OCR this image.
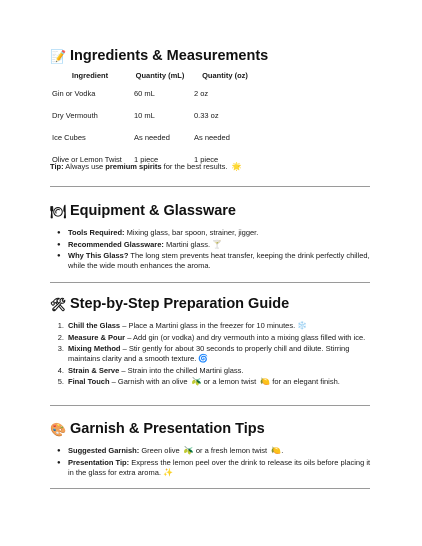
📝 Ingredients & Measurements
Ingredient	Quantity (mL)	Quantity (oz)
Gin or Vodka	60 mL	2 oz
Dry Vermouth	10 mL	0.33 oz
Ice Cubes	As needed	As needed
Olive or Lemon Twist	1 piece	1 piece
Tip: Always use premium spirits for the best results. 🌟
🍽 Equipment & Glassware
● Tools Required: Mixing glass, bar spoon, strainer, jigger.
● Recommended Glassware: Martini glass. 🍸
● Why This Glass? The long stem prevents heat transfer, keeping the drink perfectly chilled, while the wide mouth enhances the aroma.
🛠 Step-by-Step Preparation Guide
1. Chill the Glass – Place a Martini glass in the freezer for 10 minutes. ❄️
2. Measure & Pour – Add gin (or vodka) and dry vermouth into a mixing glass filled with ice.
3. Mixing Method – Stir gently for about 30 seconds to properly chill and dilute. Stirring maintains clarity and a smooth texture. 🌀
4. Strain & Serve – Strain into the chilled Martini glass.
5. Final Touch – Garnish with an olive 🫒 or a lemon twist 🍋 for an elegant finish.
🎨 Garnish & Presentation Tips
● Suggested Garnish: Green olive 🫒 or a fresh lemon twist 🍋.
● Presentation Tip: Express the lemon peel over the drink to release its oils before placing it in the glass for extra aroma. ✨
